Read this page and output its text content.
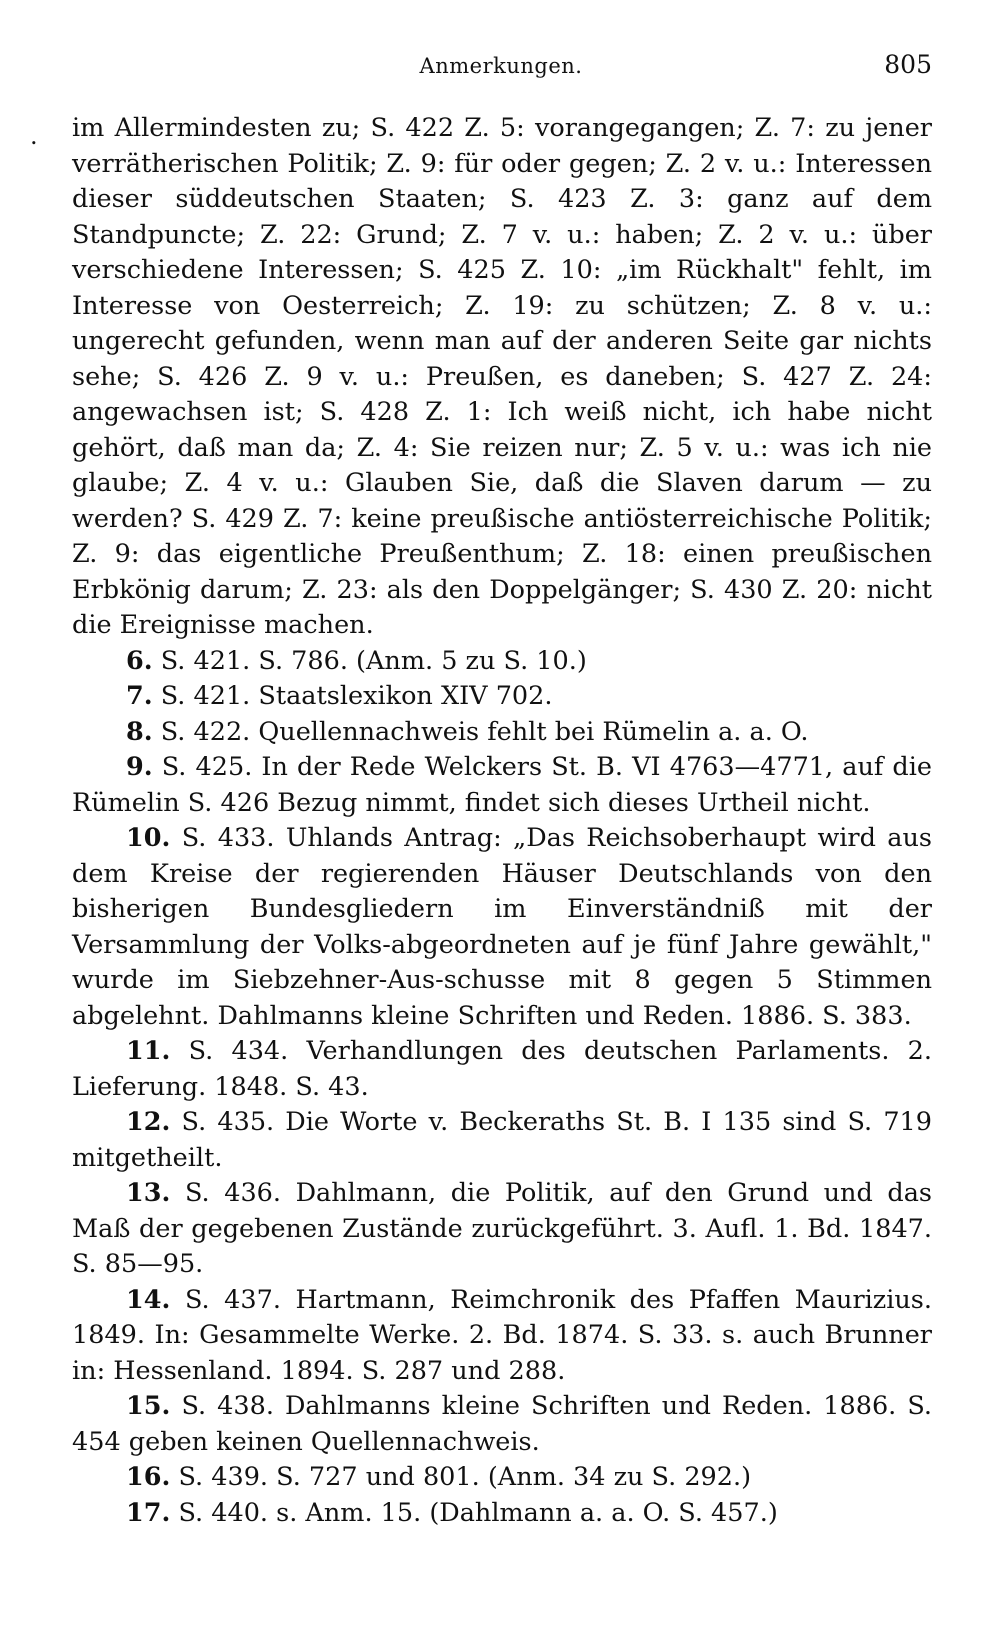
Anmerkungen.	805
. im Allermindesten zu; S. 422 Z. 5: vorangegangen; Z. 7: zu jener verrätherischen Politik; Z. 9: für oder gegen; Z. 2 v. u.: Interessen dieser süddeutschen Staaten; S. 423 Z. 3: ganz auf dem Standpuncte; Z. 22: Grund; Z. 7 v. u.: haben; Z. 2 v. u.: über verschiedene Interessen; S. 425 Z. 10: „im Rückhalt" fehlt, im Interesse von Oesterreich; Z. 19: zu schützen; Z. 8 v. u.: ungerecht gefunden, wenn man auf der anderen Seite gar nichts sehe; S. 426 Z. 9 v. u.: Preußen, es daneben; S. 427 Z. 24: angewachsen ist; S. 428 Z. 1: Ich weiß nicht, ich habe nicht gehört, daß man da; Z. 4: Sie reizen nur; Z. 5 v. u.: was ich nie glaube; Z. 4 v. u.: Glauben Sie, daß die Slaven darum — zu werden? S. 429 Z. 7: keine preußische antiösterreichische Politik; Z. 9: das eigentliche Preußenthum; Z. 18: einen preußischen Erbkönig darum; Z. 23: als den Doppelgänger; S. 430 Z. 20: nicht die Ereignisse machen.

6. S. 421. S. 786. (Anm. 5 zu S. 10.)

7. S. 421. Staatslexikon XIV 702.

8. S. 422. Quellennachweis fehlt bei Rümelin a. a. O.

9. S. 425. In der Rede Welckers St. B. VI 4763—4771, auf die Rümelin S. 426 Bezug nimmt, findet sich dieses Urtheil nicht.

10. S. 433. Uhlands Antrag: „Das Reichsoberhaupt wird aus dem Kreise der regierenden Häuser Deutschlands von den bisherigen Bundesgliedern im Einverständniß mit der Versammlung der Volks-abgeordneten auf je fünf Jahre gewählt," wurde im Siebzehner-Aus-schusse mit 8 gegen 5 Stimmen abgelehnt. Dahlmanns kleine Schriften und Reden. 1886. S. 383.

11. S. 434. Verhandlungen des deutschen Parlaments. 2. Lieferung. 1848. S. 43.

12. S. 435. Die Worte v. Beckeraths St. B. I 135 sind S. 719 mitgetheilt.

13. S. 436. Dahlmann, die Politik, auf den Grund und das Maß der gegebenen Zustände zurückgeführt. 3. Aufl. 1. Bd. 1847. S. 85—95.

14. S. 437. Hartmann, Reimchronik des Pfaffen Maurizius. 1849. In: Gesammelte Werke. 2. Bd. 1874. S. 33. s. auch Brunner in: Hessenland. 1894. S. 287 und 288.

15. S. 438. Dahlmanns kleine Schriften und Reden. 1886. S. 454 geben keinen Quellennachweis.

16. S. 439. S. 727 und 801. (Anm. 34 zu S. 292.)

17. S. 440. s. Anm. 15. (Dahlmann a. a. O. S. 457.)
